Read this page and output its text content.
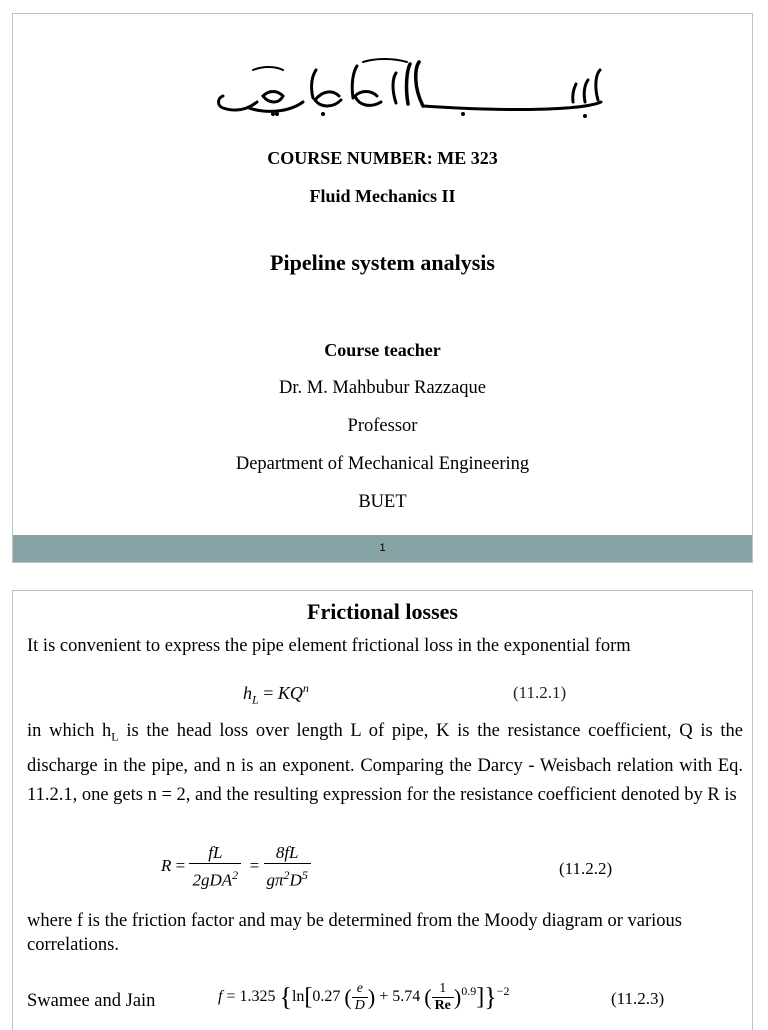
COURSE NUMBER: ME 323
Fluid Mechanics II
Pipeline system analysis
Course teacher
Dr. M. Mahbubur Razzaque
Professor
Department of Mechanical Engineering
BUET
1
Frictional losses
It is convenient to express the pipe element frictional loss in the exponential form
$h_L = KQ^n$	(11.2.1)
in which $h_L$ is the head loss over length L of pipe, K is the resistance coefficient, Q is the discharge in the pipe, and n is an exponent. Comparing the Darcy - Weisbach relation with Eq. 11.2.1, one gets n = 2, and the resulting expression for the resistance coefficient denoted by R is
$R = \frac{fL}{2gDA^2} = \frac{8fL}{g\pi^2D^5}$	(11.2.2)
where f is the friction factor and may be determined from the Moody diagram or various correlations.
Swamee and Jain	f = 1.325 {ln[0.27 ( $\frac{e}{D}$ ) + 5.74 ( $\frac{1}{Re} )^{0.9}]\}^{-2}$	(11.2.3)
